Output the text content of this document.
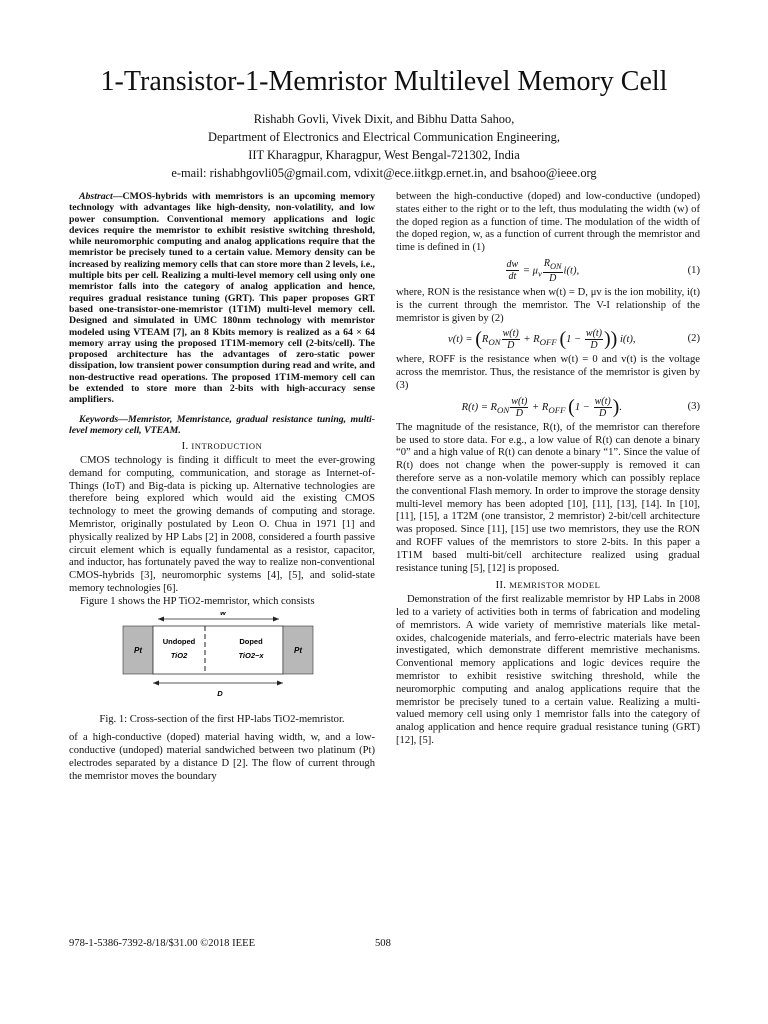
1-Transistor-1-Memristor Multilevel Memory Cell
Rishabh Govli, Vivek Dixit, and Bibhu Datta Sahoo,
Department of Electronics and Electrical Communication Engineering,
IIT Kharagpur, Kharagpur, West Bengal-721302, India
e-mail: rishabhgovli05@gmail.com, vdixit@ece.iitkgp.ernet.in, and bsahoo@ieee.org

Abstract—CMOS-hybrids with memristors is an upcoming memory technology with advantages like high-density, non-volatility, and low power consumption. Conventional memory applications and logic devices require the memristor to exhibit resistive switching threshold, while neuromorphic computing and analog applications require that the memristor be precisely tuned to a certain value. Memory density can be increased by realizing memory cells that can store more than 2 levels, i.e., multiple bits per cell. Realizing a multi-level memory cell using only one memristor falls into the category of analog application and hence, requires gradual resistance tuning (GRT). This paper proposes GRT based one-transistor-one-memristor (1T1M) multi-level memory cell. Designed and simulated in UMC 180nm technology with memristor modeled using VTEAM [7], an 8 Kbits memory is realized as a 64 × 64 memory array using the proposed 1T1M-memory cell (2-bits/cell). The proposed architecture has the advantages of zero-static power dissipation, low transient power consumption during read and write, and non-destructive read operations. The proposed 1T1M-memory cell can be extended to store more than 2-bits with high-accuracy sense amplifiers.

Keywords—Memristor, Memristance, gradual resistance tuning, multi-level memory cell, VTEAM.

I. INTRODUCTION

CMOS technology is finding it difficult to meet the ever-growing demand for computing, communication, and storage as Internet-of-Things (IoT) and Big-data is picking up. Alternative technologies are therefore being explored which would aid the existing CMOS technology to meet the growing demands of computing and storage. Memristor, originally postulated by Leon O. Chua in 1971 [1] and physically realized by HP Labs [2] in 2008, considered a fourth passive circuit element which is equally fundamental as a resistor, capacitor, and inductor, has fortunately paved the way to realize non-conventional CMOS-hybrids [3], neuromorphic systems [4], [5], and solid-state memory technologies [6].

Figure 1 shows the HP TiO2-memristor, which consists

w
Pt
Undoped
TiO2
Doped
TiO2−x
Pt
D
Fig. 1: Cross-section of the first HP-labs TiO2-memristor.

of a high-conductive (doped) material having width, w, and a low-conductive (undoped) material sandwiched between two platinum (Pt) electrodes separated by a distance D [2]. The flow of current through the memristor moves the boundary

between the high-conductive (doped) and low-conductive (undoped) states either to the right or to the left, thus modulating the width (w) of the doped region as a function of time. The modulation of the width of the doped region, w, as a function of current through the memristor and time is defined in (1)

$\frac{dw}{dt} = \mu_v \frac{R_{ON}}{D} i(t)$,	(1)

where, RON is the resistance when w(t) = D, μv is the ion mobility, i(t) is the current through the memristor. The V-I relationship of the memristor is given by (2)

$v(t) = (R_{ON} \frac{w(t)}{D} + R_{OFF}$ ($1 - \frac{w(t)}{D}$ )) i(t),	(2)

where, ROFF is the resistance when w(t) = 0 and v(t) is the voltage across the memristor. Thus, the resistance of the memristor is given by (3)

$R(t) = R_{ON} \frac{w(t)}{D} + R_{OFF}$ ($1 - \frac{w(t)}{D}$ ).	(3)

The magnitude of the resistance, R(t), of the memristor can therefore be used to store data. For e.g., a low value of R(t) can denote a binary “0” and a high value of R(t) can denote a binary “1”. Since the value of R(t) does not change when the power-supply is removed it can therefore serve as a non-volatile memory which can possibly replace the conventional Flash memory. In order to improve the storage density multi-level memory has been adopted [10], [11], [13], [14]. In [10], [11], [15], a 1T2M (one transistor, 2 memristor) 2-bit/cell architecture was proposed. Since [11], [15] use two memristors, they use the RON and ROFF values of the memristors to store 2-bits. In this paper a 1T1M based multi-bit/cell architecture realized using gradual resistance tuning [5], [12] is proposed.

II. MEMRISTOR MODEL

Demonstration of the first realizable memristor by HP Labs in 2008 led to a variety of activities both in terms of fabrication and modeling of memristors. A wide variety of memristive materials like metal-oxides, chalcogenide materials, and ferro-electric materials have been investigated, which demonstrate different memristive mechanisms. Conventional memory applications and logic devices require the memristor to exhibit resistive switching threshold, while the neuromorphic computing and analog applications require that the memristor be precisely tuned to a certain value. Realizing a multi-valued memory cell using only 1 memristor falls into the category of analog application and hence require gradual resistance tuning (GRT) [12], [5].

978-1-5386-7392-8/18/$31.00 ©2018 IEEE	508
